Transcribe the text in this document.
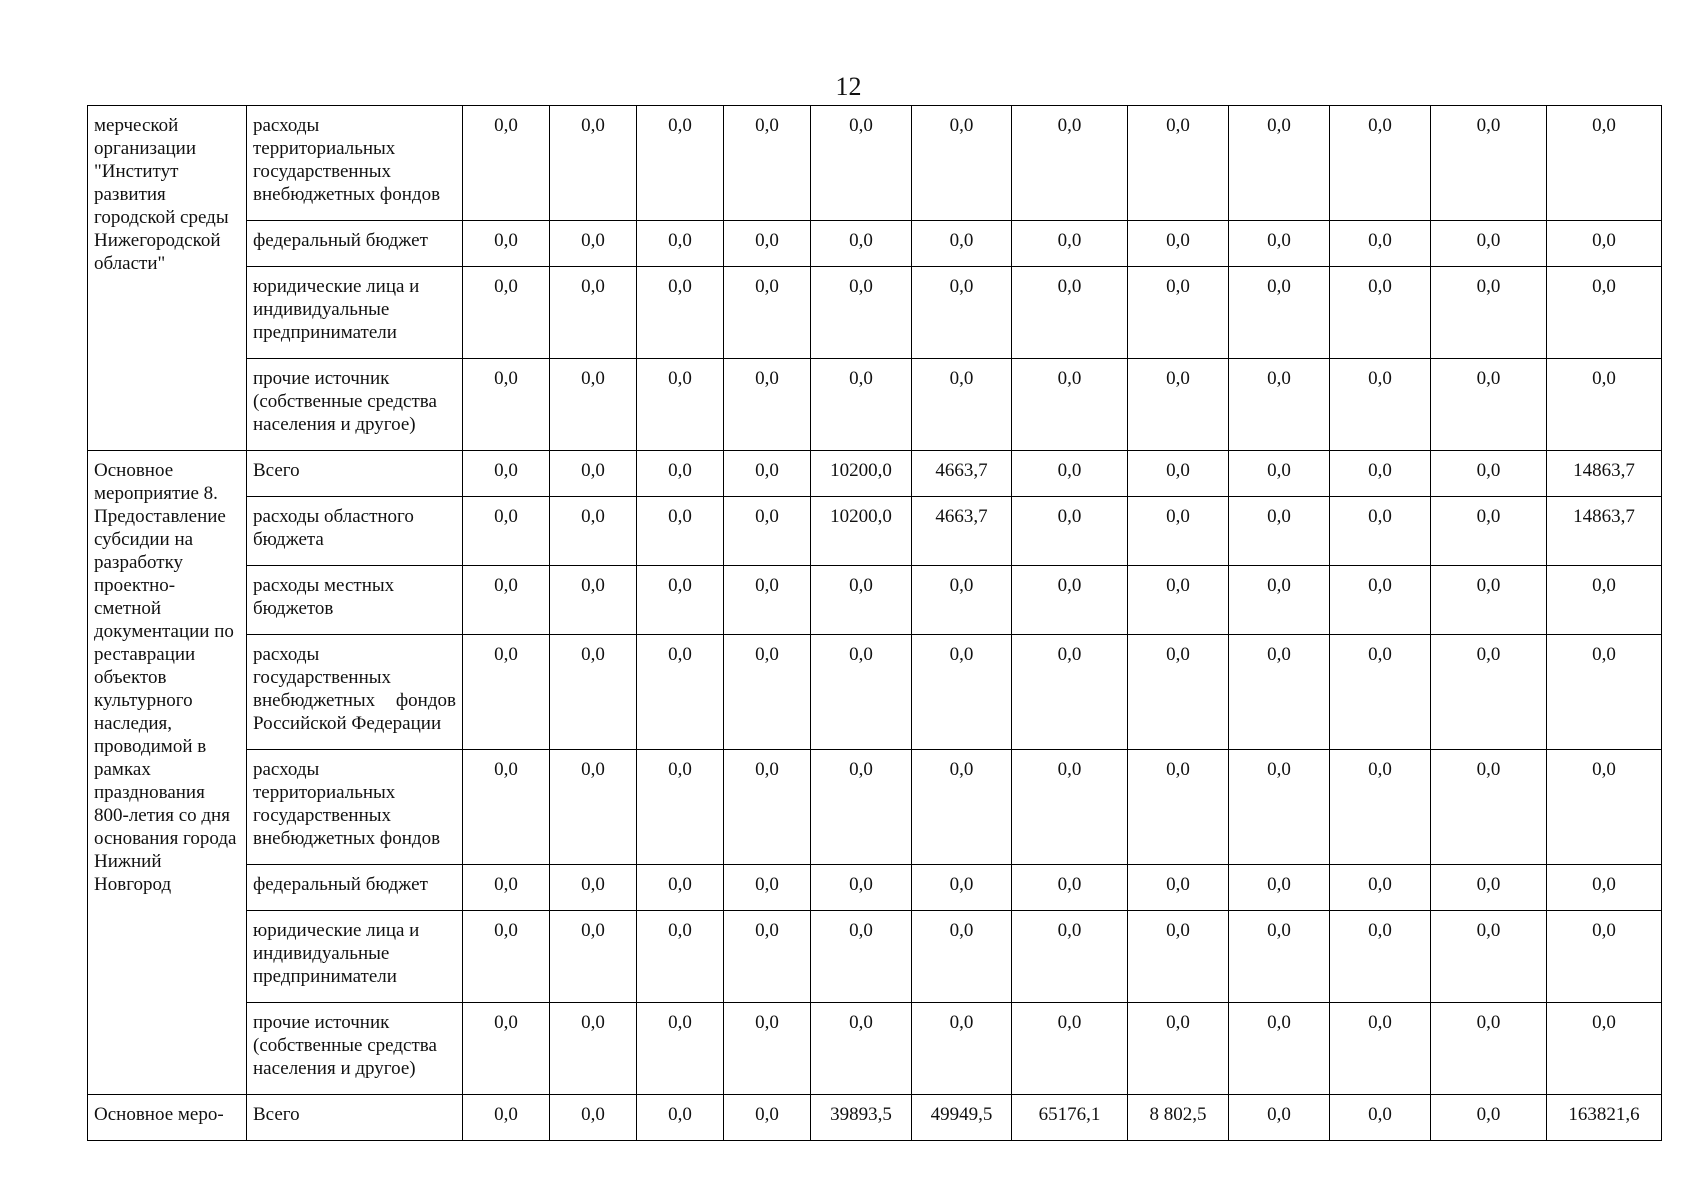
12
мерческой организации "Институт развития городской среды Нижегородской области"	расходы территориальных государственных внебюджетных фондов	0,0	0,0	0,0	0,0	0,0	0,0	0,0	0,0	0,0	0,0	0,0	0,0
	федеральный бюджет	0,0	0,0	0,0	0,0	0,0	0,0	0,0	0,0	0,0	0,0	0,0	0,0
	юридические лица и индивидуальные предприниматели	0,0	0,0	0,0	0,0	0,0	0,0	0,0	0,0	0,0	0,0	0,0	0,0
	прочие источник (собственные средства населения и другое)	0,0	0,0	0,0	0,0	0,0	0,0	0,0	0,0	0,0	0,0	0,0	0,0
Основное мероприятие 8. Предоставление субсидии на разработку проектно-сметной документации по реставрации объектов культурного наследия, проводимой в рамках празднования 800-летия со дня основания города Нижний Новгород	Всего	0,0	0,0	0,0	0,0	10200,0	4663,7	0,0	0,0	0,0	0,0	0,0	14863,7
	расходы областного бюджета	0,0	0,0	0,0	0,0	10200,0	4663,7	0,0	0,0	0,0	0,0	0,0	14863,7
	расходы местных бюджетов	0,0	0,0	0,0	0,0	0,0	0,0	0,0	0,0	0,0	0,0	0,0	0,0
	расходы государственных внебюджетных фондов Российской Федерации	0,0	0,0	0,0	0,0	0,0	0,0	0,0	0,0	0,0	0,0	0,0	0,0
	расходы территориальных государственных внебюджетных фондов	0,0	0,0	0,0	0,0	0,0	0,0	0,0	0,0	0,0	0,0	0,0	0,0
	федеральный бюджет	0,0	0,0	0,0	0,0	0,0	0,0	0,0	0,0	0,0	0,0	0,0	0,0
	юридические лица и индивидуальные предприниматели	0,0	0,0	0,0	0,0	0,0	0,0	0,0	0,0	0,0	0,0	0,0	0,0
	прочие источник (собственные средства населения и другое)	0,0	0,0	0,0	0,0	0,0	0,0	0,0	0,0	0,0	0,0	0,0	0,0
Основное меро-	Всего	0,0	0,0	0,0	0,0	39893,5	49949,5	65176,1	8 802,5	0,0	0,0	0,0	163821,6
